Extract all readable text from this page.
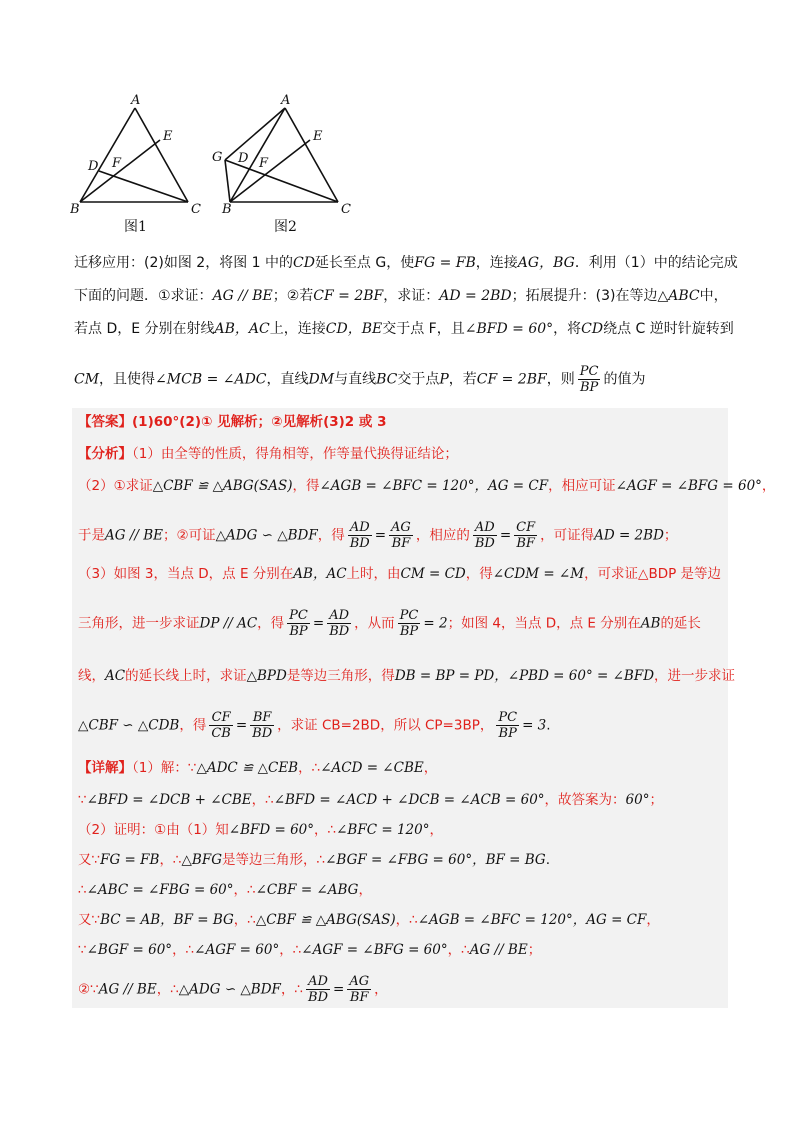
A
B	C
D
E
F
A
B	C
D
E
F
G
图1	图2
迁移应用：(2)如图 2，将图 1 中的CD延长至点 G，使FG = FB，连接AG，BG．利用（1）中的结论完成
下面的问题．①求证：AG // BE；②若CF = 2BF，求证：AD = 2BD；拓展提升：(3)在等边△ABC中，
若点 D，E 分别在射线AB，AC上，连接CD，BE交于点 F，且∠BFD = 60°，将CD绕点 C 逆时针旋转到
CM，且使得∠MCB = ∠ADC，直线DM与直线BC交于点P，若CF = 2BF，则 $\frac{PC}{BP}$ 的值为
【答案】(1)60°(2)① 见解析；②见解析(3)2 或 3
【分析】（1）由全等的性质，得角相等，作等量代换得证结论；
（2）①求证△CBF ≌ △ABG(SAS)，得∠AGB = ∠BFC = 120°，AG = CF，相应可证∠AGF = ∠BFG = 60°，
于是AG // BE；②可证△ADG ∽ △BDF，得 $\frac{AD}{BD} = \frac{AG}{BF}$ ，相应的 $\frac{AD}{BD} = \frac{CF}{BF}$ ，可证得AD = 2BD；
（3）如图 3，当点 D，点 E 分别在AB，AC上时，由CM = CD，得∠CDM = ∠M，可求证△BDP 是等边
三角形，进一步求证DP // AC，得 $\frac{PC}{BP} = \frac{AD}{BD}$ ，从而 $\frac{PC}{BP} = 2$；如图 4，当点 D，点 E 分别在AB的延长
线，AC的延长线上时，求证△BPD是等边三角形，得DB = BP = PD，∠PBD = 60° = ∠BFD，进一步求证
△CBF ∽ △CDB，得 $\frac{CF}{CB} = \frac{BF}{BD}$ ，求证 CB=2BD，所以 CP=3BP， $\frac{PC}{BP} = 3$.
【详解】（1）解：∵△ADC ≌ △CEB，∴∠ACD = ∠CBE，
∵∠BFD = ∠DCB + ∠CBE，∴∠BFD = ∠ACD + ∠DCB = ∠ACB = 60°，故答案为：60°；
（2）证明：①由（1）知∠BFD = 60°，∴∠BFC = 120°，
又∵FG = FB，∴△BFG是等边三角形，∴∠BGF = ∠FBG = 60°，BF = BG.
∴∠ABC = ∠FBG = 60°，∴∠CBF = ∠ABG，
又∵BC = AB，BF = BG，∴△CBF ≌ △ABG(SAS)，∴∠AGB = ∠BFC = 120°，AG = CF，
∵∠BGF = 60°，∴∠AGF = 60°，∴∠AGF = ∠BFG = 60°，∴AG // BE；
②∵AG // BE，∴△ADG ∽ △BDF，∴ $\frac{AD}{BD} = \frac{AG}{BF}$ ，
